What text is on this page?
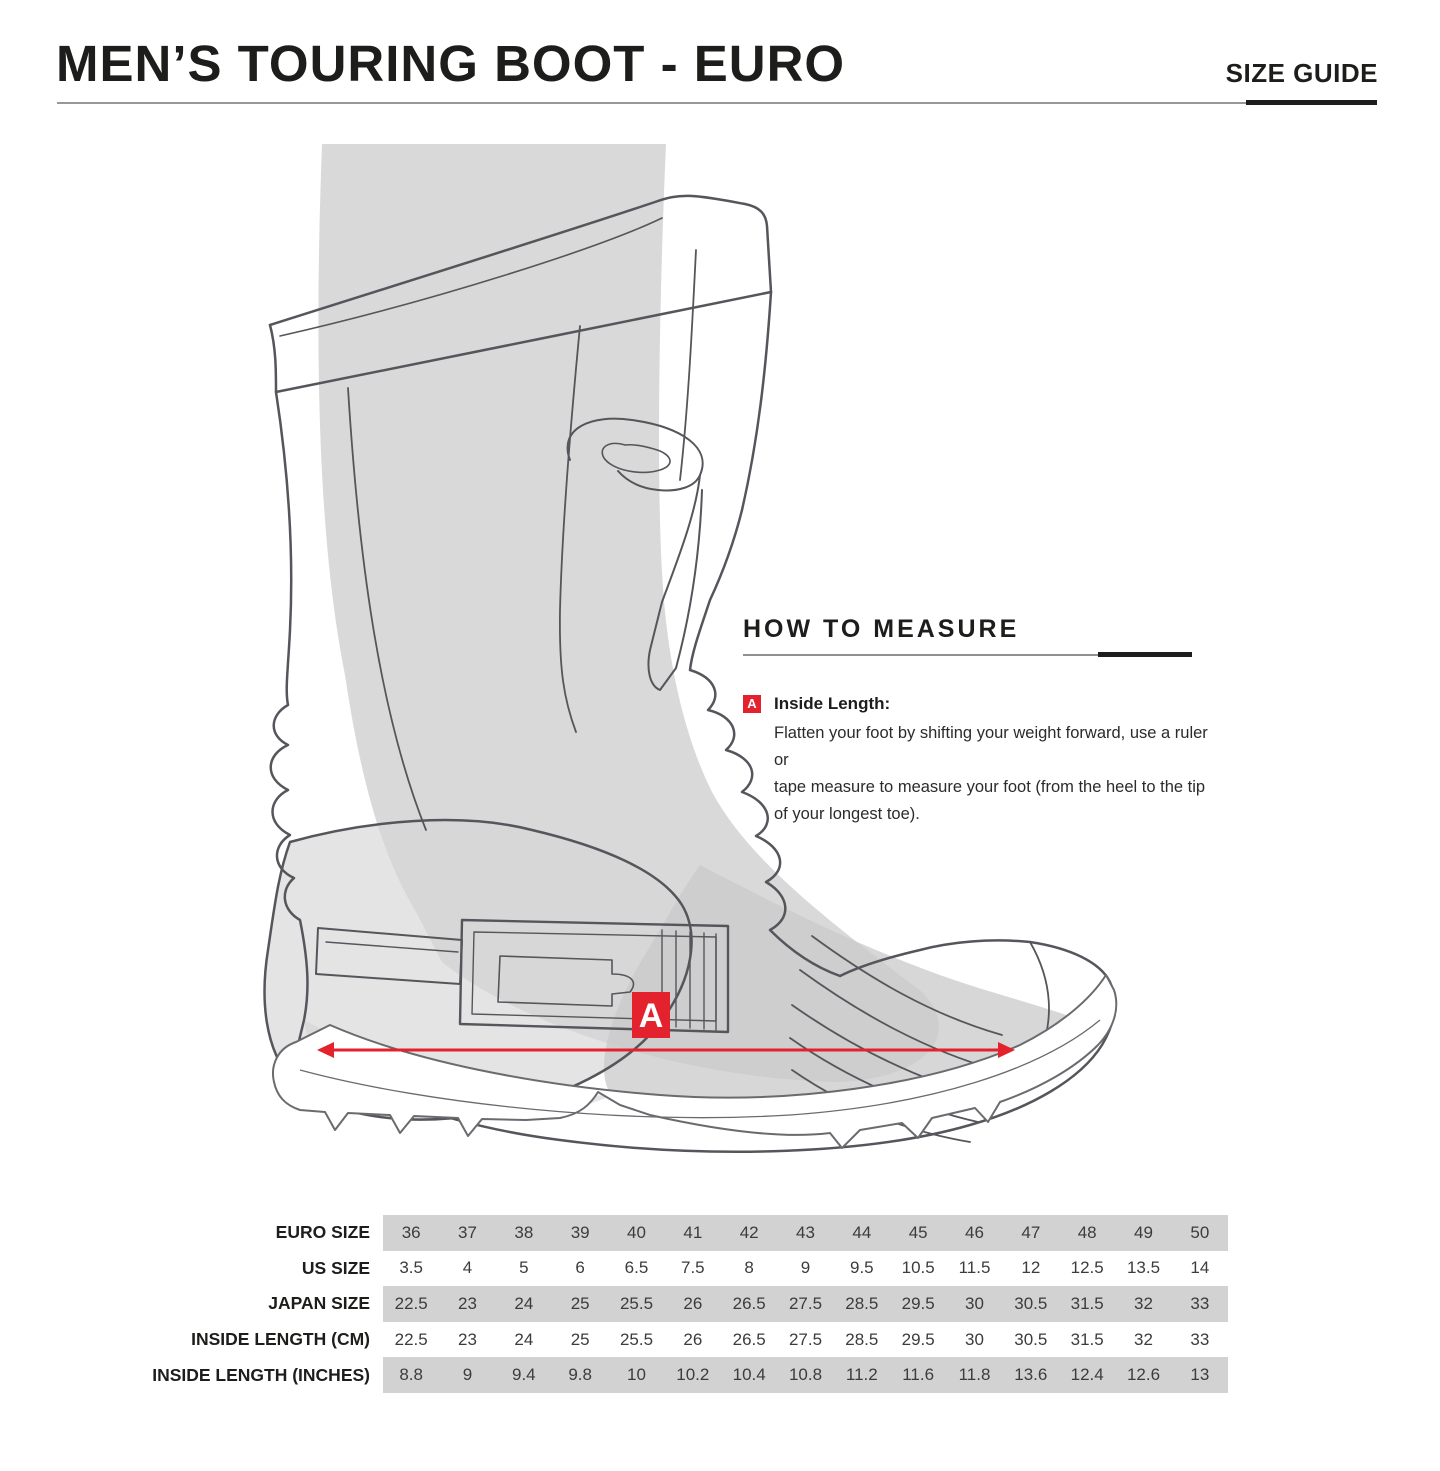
MEN’S TOURING BOOT - EURO	SIZE GUIDE
A
HOW TO MEASURE
A Inside Length:
Flatten your foot by shifting your weight forward, use a ruler or
tape measure to measure your foot (from the heel to the tip
of your longest toe).
EURO SIZE	36	37	38	39	40	41	42	43	44	45	46	47	48	49	50
US SIZE	3.5	4	5	6	6.5	7.5	8	9	9.5	10.5	11.5	12	12.5	13.5	14
JAPAN SIZE	22.5	23	24	25	25.5	26	26.5	27.5	28.5	29.5	30	30.5	31.5	32	33
INSIDE LENGTH (CM)	22.5	23	24	25	25.5	26	26.5	27.5	28.5	29.5	30	30.5	31.5	32	33
INSIDE LENGTH (INCHES)	8.8	9	9.4	9.8	10	10.2	10.4	10.8	11.2	11.6	11.8	13.6	12.4	12.6	13
